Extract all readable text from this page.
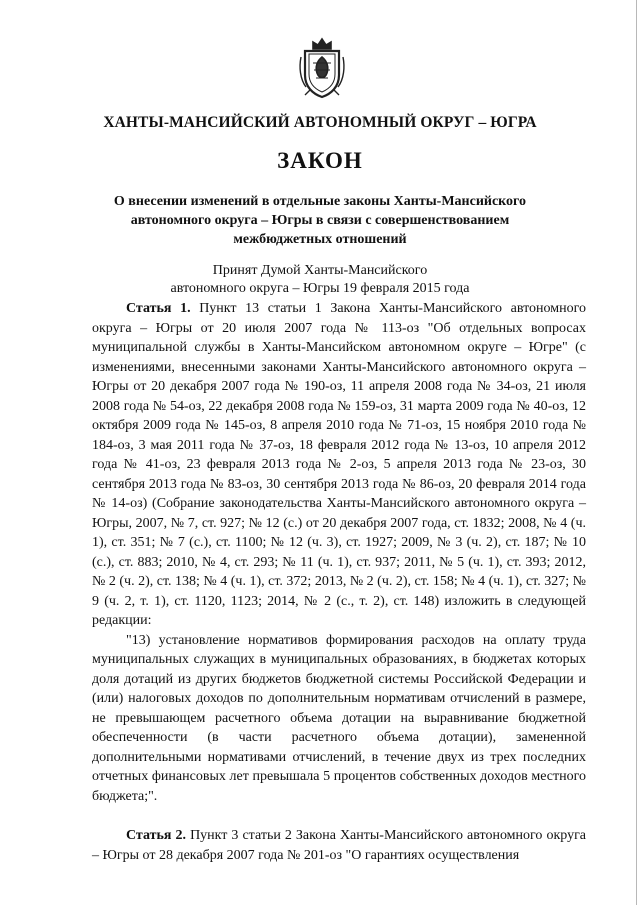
ХАНТЫ-МАНСИЙСКИЙ АВТОНОМНЫЙ ОКРУГ – ЮГРА
ЗАКОН

О внесении изменений в отдельные законы Ханты-Мансийского
автономного округа – Югры в связи с совершенствованием
межбюджетных отношений

Принят Думой Ханты-Мансийского
автономного округа – Югры 19 февраля 2015 года

Статья 1. Пункт 13 статьи 1 Закона Ханты-Мансийского автономного округа – Югры от 20 июля 2007 года № 113-оз "Об отдельных вопросах муниципальной службы в Ханты-Мансийском автономном округе – Югре" (с изменениями, внесенными законами Ханты-Мансийского автономного округа – Югры от 20 декабря 2007 года № 190-оз, 11 апреля 2008 года № 34-оз, 21 июля 2008 года № 54-оз, 22 декабря 2008 года № 159-оз, 31 марта 2009 года № 40-оз, 12 октября 2009 года № 145-оз, 8 апреля 2010 года № 71-оз, 15 ноября 2010 года № 184-оз, 3 мая 2011 года № 37-оз, 18 февраля 2012 года № 13-оз, 10 апреля 2012 года № 41-оз, 23 февраля 2013 года № 2-оз, 5 апреля 2013 года № 23-оз, 30 сентября 2013 года № 83-оз, 30 сентября 2013 года № 86-оз, 20 февраля 2014 года № 14-оз) (Собрание законодательства Ханты-Мансийского автономного округа – Югры, 2007, № 7, ст. 927; № 12 (с.) от 20 декабря 2007 года, ст. 1832; 2008, № 4 (ч. 1), ст. 351; № 7 (с.), ст. 1100; № 12 (ч. 3), ст. 1927; 2009, № 3 (ч. 2), ст. 187; № 10 (с.), ст. 883; 2010, № 4, ст. 293; № 11 (ч. 1), ст. 937; 2011, № 5 (ч. 1), ст. 393; 2012, № 2 (ч. 2), ст. 138; № 4 (ч. 1), ст. 372; 2013, № 2 (ч. 2), ст. 158; № 4 (ч. 1), ст. 327; № 9 (ч. 2, т. 1), ст. 1120, 1123; 2014, № 2 (с., т. 2), ст. 148) изложить в следующей редакции:

"13) установление нормативов формирования расходов на оплату труда муниципальных служащих в муниципальных образованиях, в бюджетах которых доля дотаций из других бюджетов бюджетной системы Российской Федерации и (или) налоговых доходов по дополнительным нормативам отчислений в размере, не превышающем расчетного объема дотации на выравнивание бюджетной обеспеченности (в части расчетного объема дотации), замененной дополнительными нормативами отчислений, в течение двух из трех последних отчетных финансовых лет превышала 5 процентов собственных доходов местного бюджета;".

Статья 2. Пункт 3 статьи 2 Закона Ханты-Мансийского автономного округа – Югры от 28 декабря 2007 года № 201-оз "О гарантиях осуществления
